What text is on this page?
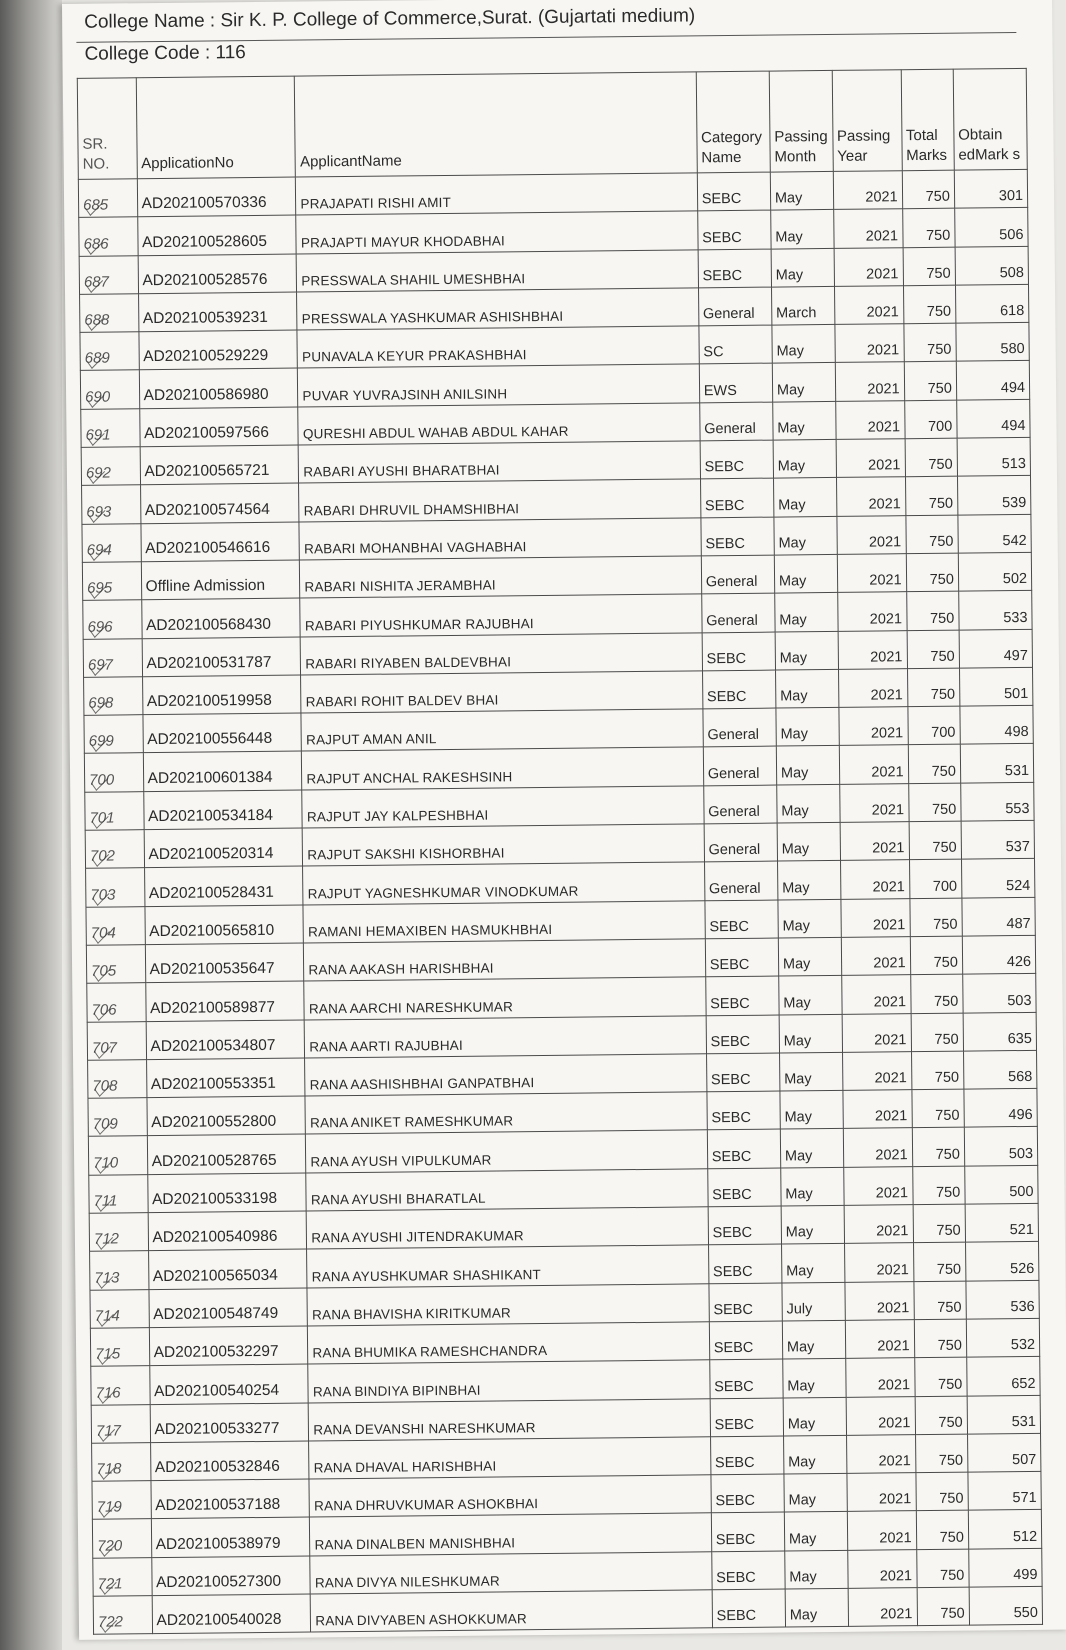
College Name : Sir K. P. College of Commerce,Surat. (Gujartati medium)
College Code : 116
SR. NO.	ApplicationNo	ApplicantName	Category Name	Passing Month	Passing Year	Total Marks	Obtain edMark s
685	AD202100570336	PRAJAPATI RISHI AMIT	SEBC	May	2021	750	301
686	AD202100528605	PRAJAPTI MAYUR KHODABHAI	SEBC	May	2021	750	506
687	AD202100528576	PRESSWALA SHAHIL UMESHBHAI	SEBC	May	2021	750	508
688	AD202100539231	PRESSWALA YASHKUMAR ASHISHBHAI	General	March	2021	750	618
689	AD202100529229	PUNAVALA KEYUR PRAKASHBHAI	SC	May	2021	750	580
690	AD202100586980	PUVAR YUVRAJSINH ANILSINH	EWS	May	2021	750	494
691	AD202100597566	QURESHI ABDUL WAHAB ABDUL KAHAR	General	May	2021	700	494
692	AD202100565721	RABARI AYUSHI BHARATBHAI	SEBC	May	2021	750	513
693	AD202100574564	RABARI DHRUVIL DHAMSHIBHAI	SEBC	May	2021	750	539
694	AD202100546616	RABARI MOHANBHAI VAGHABHAI	SEBC	May	2021	750	542
695	Offline Admission	RABARI NISHITA JERAMBHAI	General	May	2021	750	502
696	AD202100568430	RABARI PIYUSHKUMAR RAJUBHAI	General	May	2021	750	533
697	AD202100531787	RABARI RIYABEN BALDEVBHAI	SEBC	May	2021	750	497
698	AD202100519958	RABARI ROHIT BALDEV BHAI	SEBC	May	2021	750	501
699	AD202100556448	RAJPUT AMAN ANIL	General	May	2021	700	498
700	AD202100601384	RAJPUT ANCHAL RAKESHSINH	General	May	2021	750	531
701	AD202100534184	RAJPUT JAY KALPESHBHAI	General	May	2021	750	553
702	AD202100520314	RAJPUT SAKSHI KISHORBHAI	General	May	2021	750	537
703	AD202100528431	RAJPUT YAGNESHKUMAR VINODKUMAR	General	May	2021	700	524
704	AD202100565810	RAMANI HEMAXIBEN HASMUKHBHAI	SEBC	May	2021	750	487
705	AD202100535647	RANA AAKASH HARISHBHAI	SEBC	May	2021	750	426
706	AD202100589877	RANA AARCHI NARESHKUMAR	SEBC	May	2021	750	503
707	AD202100534807	RANA AARTI RAJUBHAI	SEBC	May	2021	750	635
708	AD202100553351	RANA AASHISHBHAI GANPATBHAI	SEBC	May	2021	750	568
709	AD202100552800	RANA ANIKET RAMESHKUMAR	SEBC	May	2021	750	496
710	AD202100528765	RANA AYUSH VIPULKUMAR	SEBC	May	2021	750	503
711	AD202100533198	RANA AYUSHI BHARATLAL	SEBC	May	2021	750	500
712	AD202100540986	RANA AYUSHI JITENDRAKUMAR	SEBC	May	2021	750	521
713	AD202100565034	RANA AYUSHKUMAR SHASHIKANT	SEBC	May	2021	750	526
714	AD202100548749	RANA BHAVISHA KIRITKUMAR	SEBC	July	2021	750	536
715	AD202100532297	RANA BHUMIKA RAMESHCHANDRA	SEBC	May	2021	750	532
716	AD202100540254	RANA BINDIYA BIPINBHAI	SEBC	May	2021	750	652
717	AD202100533277	RANA DEVANSHI NARESHKUMAR	SEBC	May	2021	750	531
718	AD202100532846	RANA DHAVAL HARISHBHAI	SEBC	May	2021	750	507
719	AD202100537188	RANA DHRUVKUMAR ASHOKBHAI	SEBC	May	2021	750	571
720	AD202100538979	RANA DINALBEN MANISHBHAI	SEBC	May	2021	750	512
721	AD202100527300	RANA DIVYA NILESHKUMAR	SEBC	May	2021	750	499
722	AD202100540028	RANA DIVYABEN ASHOKKUMAR	SEBC	May	2021	750	550
